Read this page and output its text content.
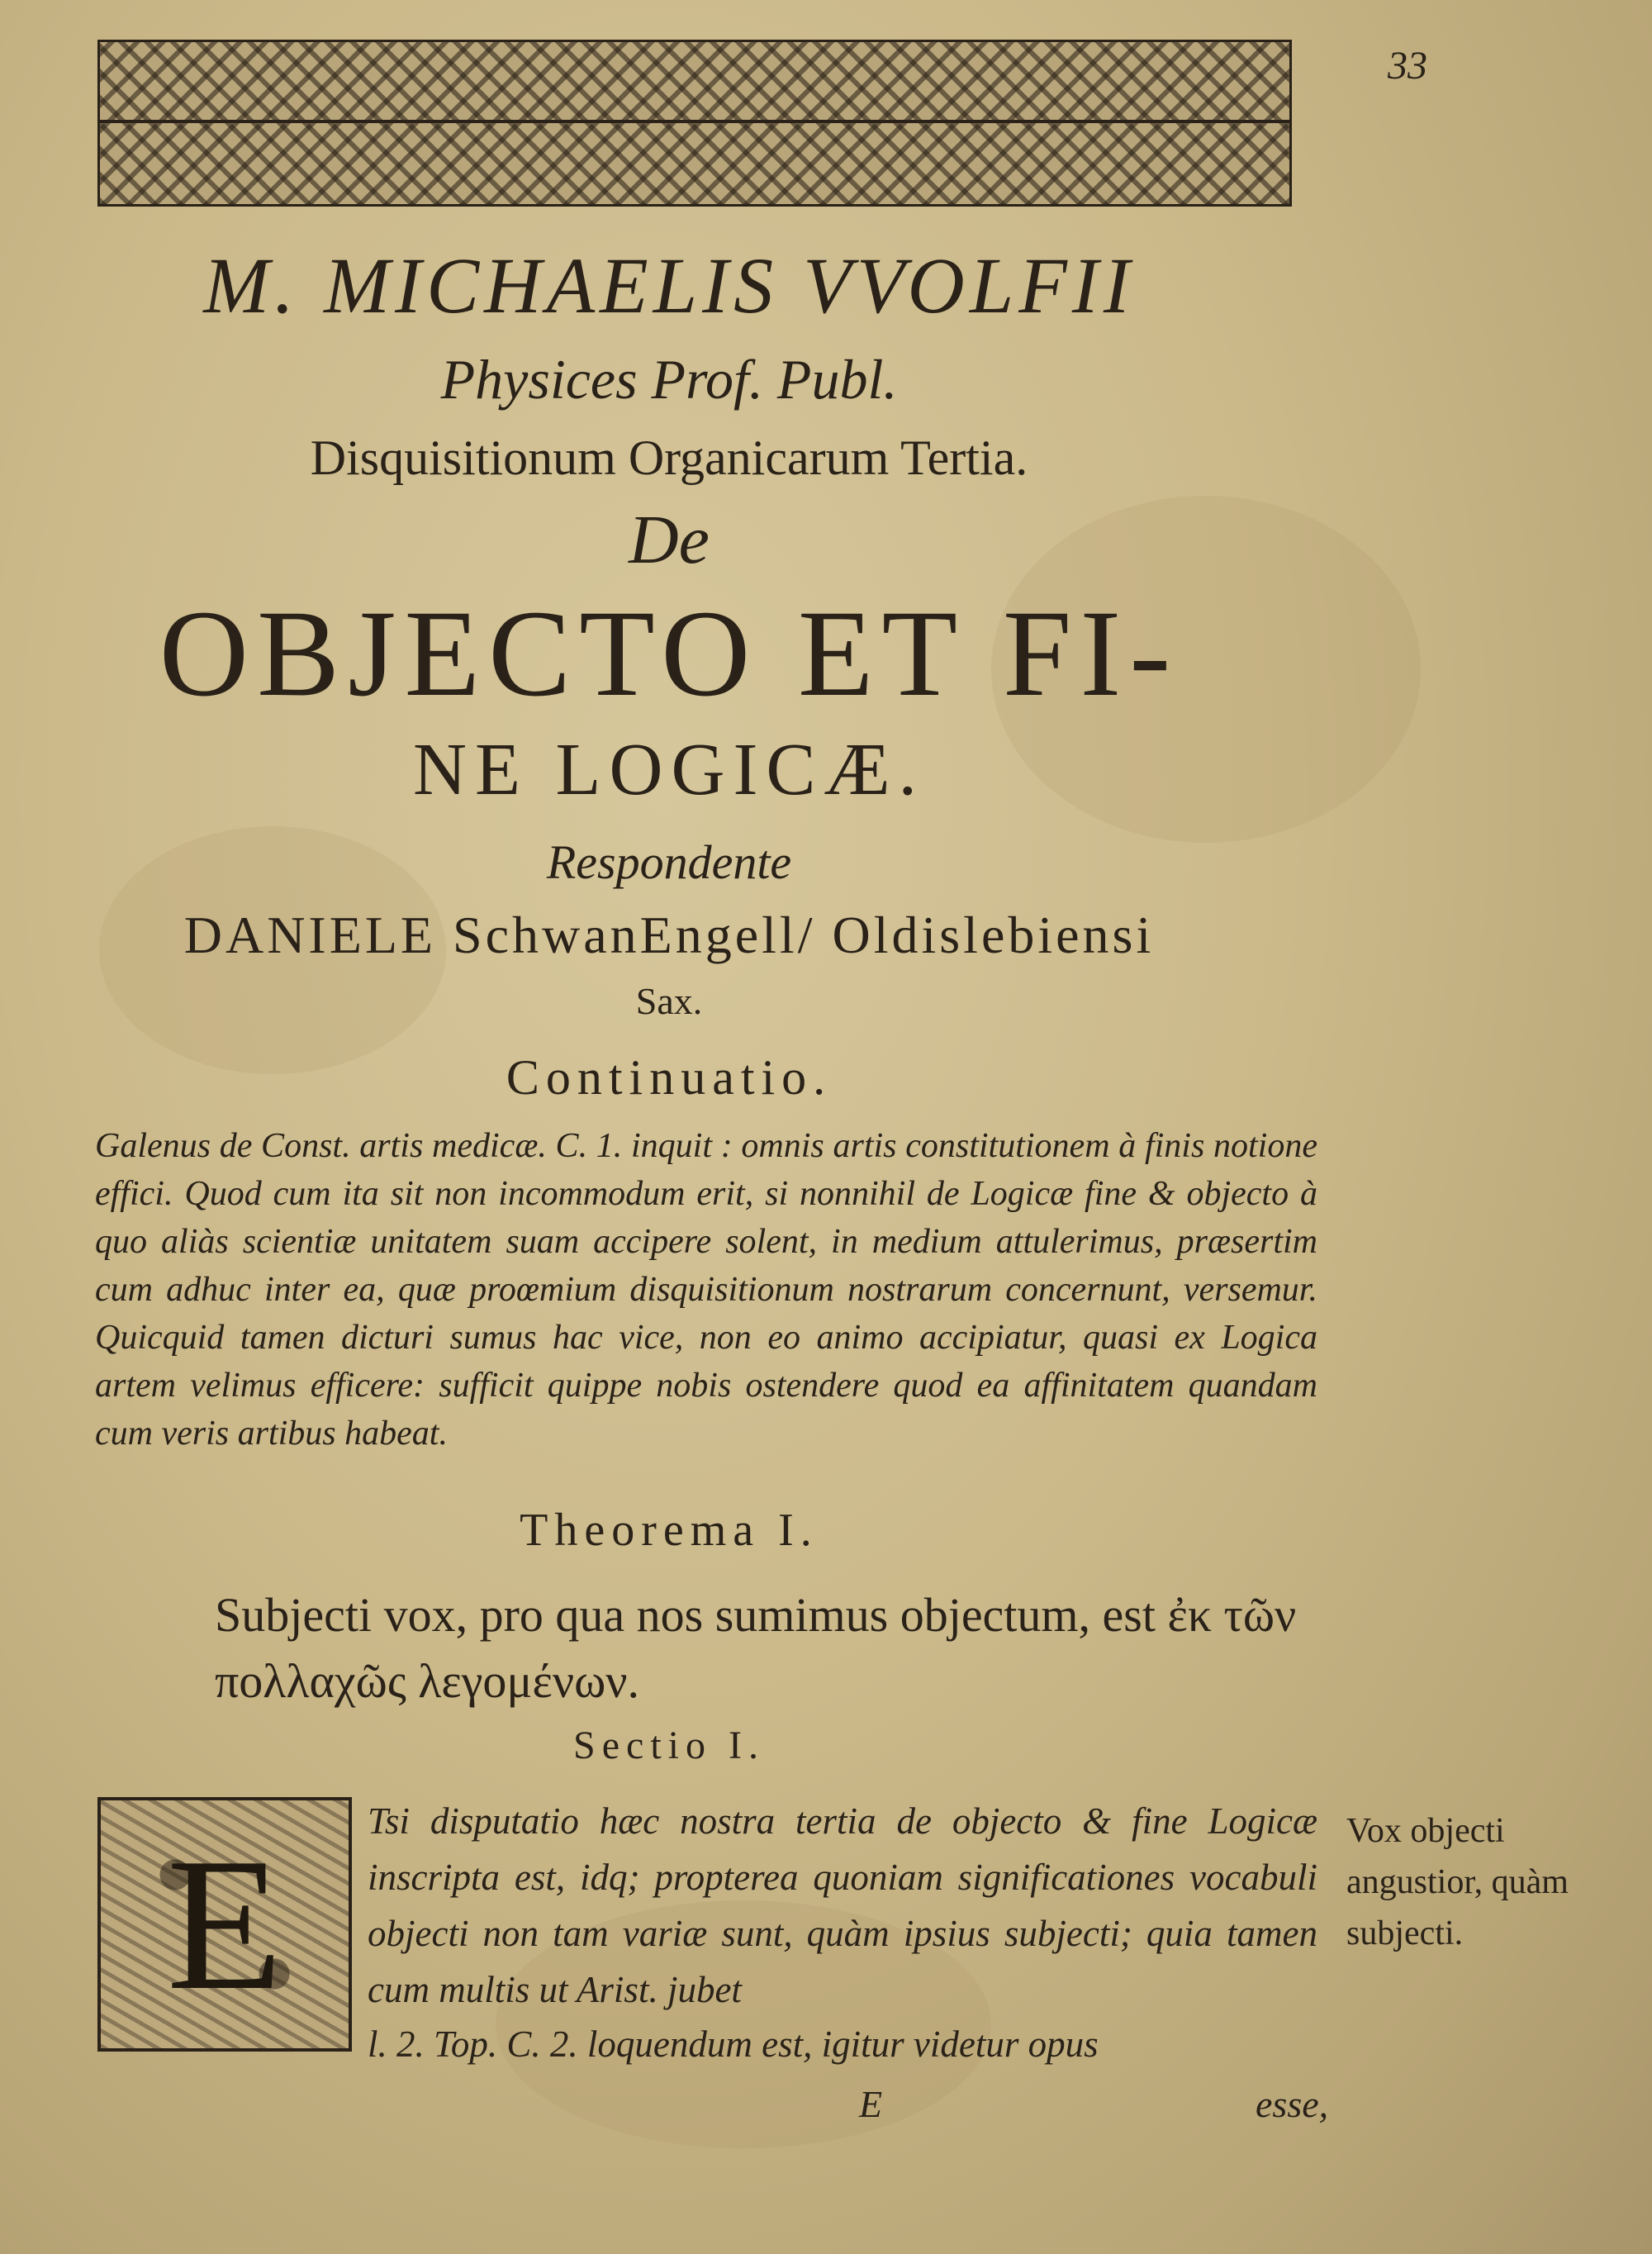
33
M. MICHAELIS VVOLFII
Physices Prof. Publ.
Disquisitionum Organicarum Tertia.
De
OBJECTO ET FI-
NE LOGICÆ.
Respondente
DANIELE SchwanEngell/ Oldislebiensi
Sax.
Continuatio.
Galenus de Const. artis medicæ. C. 1. inquit : omnis artis constitutionem à finis notione effici. Quod cum ita sit non incommodum erit, si nonnihil de Logicæ fine & objecto à quo aliàs scientiæ unitatem suam accipere solent, in medium attulerimus, præsertim cum adhuc inter ea, quæ proœmium disquisitionum nostrarum concernunt, versemur. Quicquid tamen dicturi sumus hac vice, non eo animo accipiatur, quasi ex Logica artem velimus efficere: sufficit quippe nobis ostendere quod ea affinitatem quandam cum veris artibus habeat.
Theorema I.
Subjecti vox, pro qua nos sumimus objectum, est ἐκ τῶν πολλαχῶς λεγομένων.
Sectio I.
E Tsi disputatio hæc nostra tertia de objecto & fine Logicæ inscripta est, idq; propterea quoniam significationes vocabuli objecti non tam variæ sunt, quàm ipsius subjecti; quia tamen cum multis ut Arist. jubet
l. 2. Top. C. 2. loquendum est, igitur videtur opus
Vox objecti angustior, quàm subjecti.
E	esse,
